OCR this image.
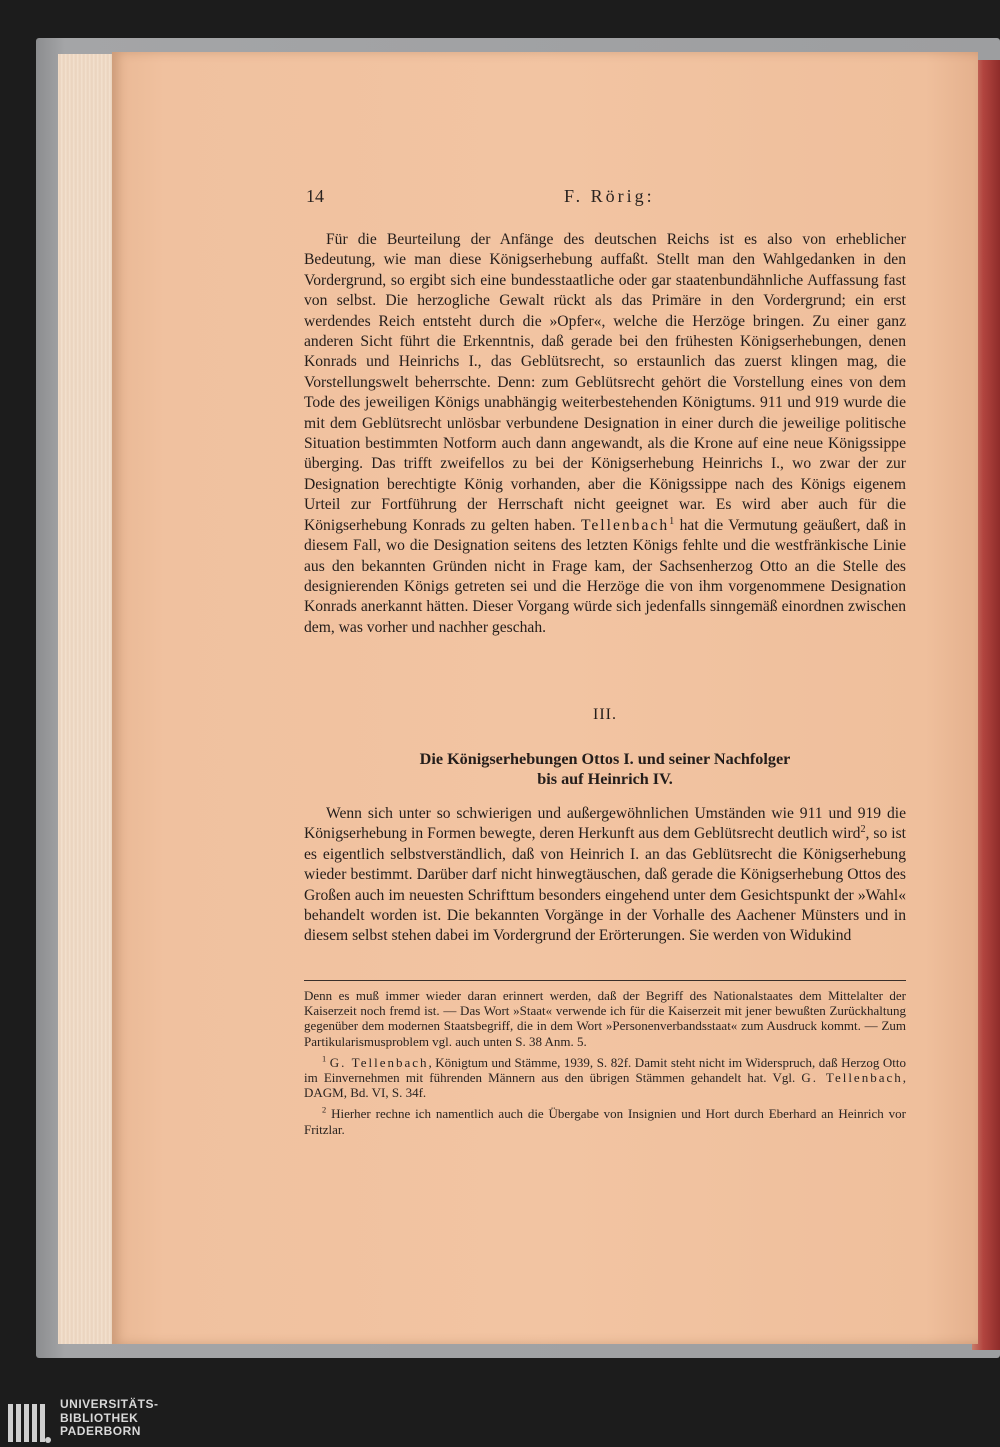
14	F. Rörig:

Für die Beurteilung der Anfänge des deutschen Reichs ist es also von erheblicher Bedeutung, wie man diese Königserhebung auffaßt. Stellt man den Wahlgedanken in den Vordergrund, so ergibt sich eine bundesstaatliche oder gar staatenbundähnliche Auffassung fast von selbst. Die herzogliche Gewalt rückt als das Primäre in den Vordergrund; ein erst werdendes Reich entsteht durch die »Opfer«, welche die Herzöge bringen. Zu einer ganz anderen Sicht führt die Erkenntnis, daß gerade bei den frühesten Königserhebungen, denen Konrads und Heinrichs I., das Geblütsrecht, so erstaunlich das zuerst klingen mag, die Vorstellungswelt beherrschte. Denn: zum Geblütsrecht gehört die Vorstellung eines von dem Tode des jeweiligen Königs unabhängig weiterbestehenden Königtums. 911 und 919 wurde die mit dem Geblütsrecht unlösbar verbundene Designation in einer durch die jeweilige politische Situation bestimmten Notform auch dann angewandt, als die Krone auf eine neue Königssippe überging. Das trifft zweifellos zu bei der Königserhebung Heinrichs I., wo zwar der zur Designation berechtigte König vorhanden, aber die Königssippe nach des Königs eigenem Urteil zur Fortführung der Herrschaft nicht geeignet war. Es wird aber auch für die Königserhebung Konrads zu gelten haben. Tellenbach$^1$ hat die Vermutung geäußert, daß in diesem Fall, wo die Designation seitens des letzten Königs fehlte und die westfränkische Linie aus den bekannten Gründen nicht in Frage kam, der Sachsenherzog Otto an die Stelle des designierenden Königs getreten sei und die Herzöge die von ihm vorgenommene Designation Konrads anerkannt hätten. Dieser Vorgang würde sich jedenfalls sinngemäß einordnen zwischen dem, was vorher und nachher geschah.

III.
Die Königserhebungen Ottos I. und seiner Nachfolger
bis auf Heinrich IV.

Wenn sich unter so schwierigen und außergewöhnlichen Umständen wie 911 und 919 die Königserhebung in Formen bewegte, deren Herkunft aus dem Geblütsrecht deutlich wird$^2$, so ist es eigentlich selbstverständlich, daß von Heinrich I. an das Geblütsrecht die Königserhebung wieder bestimmt. Darüber darf nicht hinwegtäuschen, daß gerade die Königserhebung Ottos des Großen auch im neuesten Schrifttum besonders eingehend unter dem Gesichtspunkt der »Wahl« behandelt worden ist. Die bekannten Vorgänge in der Vorhalle des Aachener Münsters und in diesem selbst stehen dabei im Vordergrund der Erörterungen. Sie werden von Widukind

Denn es muß immer wieder daran erinnert werden, daß der Begriff des Nationalstaates dem Mittelalter der Kaiserzeit noch fremd ist. — Das Wort »Staat« verwende ich für die Kaiserzeit mit jener bewußten Zurückhaltung gegenüber dem modernen Staatsbegriff, die in dem Wort »Personenverbandsstaat« zum Ausdruck kommt. — Zum Partikularismusproblem vgl. auch unten S. 38 Anm. 5.

$^1$ G. Tellenbach, Königtum und Stämme, 1939, S. 82f. Damit steht nicht im Widerspruch, daß Herzog Otto im Einvernehmen mit führenden Männern aus den übrigen Stämmen gehandelt hat. Vgl. G. Tellenbach, DAGM, Bd. VI, S. 34f.

$^2$ Hierher rechne ich namentlich auch die Übergabe von Insignien und Hort durch Eberhard an Heinrich vor Fritzlar.

UNIVERSITÄTS-
BIBLIOTHEK
PADERBORN
